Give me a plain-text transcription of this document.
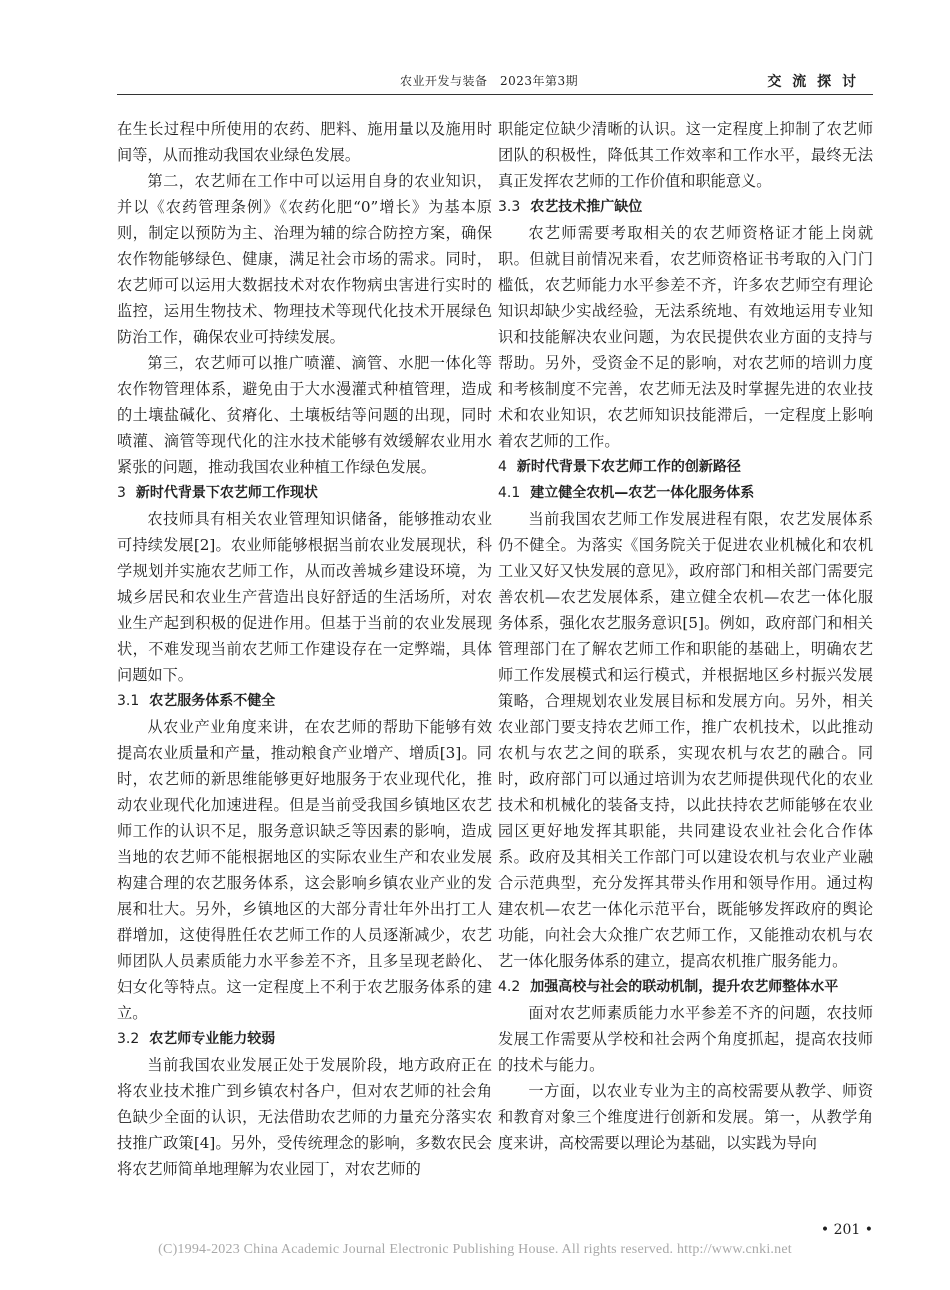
农业开发与装备　2023年第3期	交 流 探 讨

在生长过程中所使用的农药、肥料、施用量以及施用时间等，从而推动我国农业绿色发展。

第二，农艺师在工作中可以运用自身的农业知识，并以《农药管理条例》《农药化肥“0”增长》为基本原则，制定以预防为主、治理为辅的综合防控方案，确保农作物能够绿色、健康，满足社会市场的需求。同时，农艺师可以运用大数据技术对农作物病虫害进行实时的监控，运用生物技术、物理技术等现代化技术开展绿色防治工作，确保农业可持续发展。

第三，农艺师可以推广喷灌、滴管、水肥一体化等农作物管理体系，避免由于大水漫灌式种植管理，造成的土壤盐碱化、贫瘠化、土壤板结等问题的出现，同时喷灌、滴管等现代化的注水技术能够有效缓解农业用水紧张的问题，推动我国农业种植工作绿色发展。

3 新时代背景下农艺师工作现状

农技师具有相关农业管理知识储备，能够推动农业可持续发展[2]。农业师能够根据当前农业发展现状，科学规划并实施农艺师工作，从而改善城乡建设环境，为城乡居民和农业生产营造出良好舒适的生活场所，对农业生产起到积极的促进作用。但基于当前的农业发展现状，不难发现当前农艺师工作建设存在一定弊端，具体问题如下。

3.1 农艺服务体系不健全

从农业产业角度来讲，在农艺师的帮助下能够有效提高农业质量和产量，推动粮食产业增产、增质[3]。同时，农艺师的新思维能够更好地服务于农业现代化，推动农业现代化加速进程。但是当前受我国乡镇地区农艺师工作的认识不足，服务意识缺乏等因素的影响，造成当地的农艺师不能根据地区的实际农业生产和农业发展构建合理的农艺服务体系，这会影响乡镇农业产业的发展和壮大。另外，乡镇地区的大部分青壮年外出打工人群增加，这使得胜任农艺师工作的人员逐渐减少，农艺师团队人员素质能力水平参差不齐，且多呈现老龄化、妇女化等特点。这一定程度上不利于农艺服务体系的建立。

3.2 农艺师专业能力较弱

当前我国农业发展正处于发展阶段，地方政府正在将农业技术推广到乡镇农村各户，但对农艺师的社会角色缺少全面的认识，无法借助农艺师的力量充分落实农技推广政策[4]。另外，受传统理念的影响，多数农民会将农艺师简单地理解为农业园丁，对农艺师的

职能定位缺少清晰的认识。这一定程度上抑制了农艺师团队的积极性，降低其工作效率和工作水平，最终无法真正发挥农艺师的工作价值和职能意义。

3.3 农艺技术推广缺位

农艺师需要考取相关的农艺师资格证才能上岗就职。但就目前情况来看，农艺师资格证书考取的入门门槛低，农艺师能力水平参差不齐，许多农艺师空有理论知识却缺少实战经验，无法系统地、有效地运用专业知识和技能解决农业问题，为农民提供农业方面的支持与帮助。另外，受资金不足的影响，对农艺师的培训力度和考核制度不完善，农艺师无法及时掌握先进的农业技术和农业知识，农艺师知识技能滞后，一定程度上影响着农艺师的工作。

4 新时代背景下农艺师工作的创新路径
4.1 建立健全农机—农艺一体化服务体系

当前我国农艺师工作发展进程有限，农艺发展体系仍不健全。为落实《国务院关于促进农业机械化和农机工业又好又快发展的意见》，政府部门和相关部门需要完善农机—农艺发展体系，建立健全农机—农艺一体化服务体系，强化农艺服务意识[5]。例如，政府部门和相关管理部门在了解农艺师工作和职能的基础上，明确农艺师工作发展模式和运行模式，并根据地区乡村振兴发展策略，合理规划农业发展目标和发展方向。另外，相关农业部门要支持农艺师工作，推广农机技术，以此推动农机与农艺之间的联系，实现农机与农艺的融合。同时，政府部门可以通过培训为农艺师提供现代化的农业技术和机械化的装备支持，以此扶持农艺师能够在农业园区更好地发挥其职能，共同建设农业社会化合作体系。政府及其相关工作部门可以建设农机与农业产业融合示范典型，充分发挥其带头作用和领导作用。通过构建农机—农艺一体化示范平台，既能够发挥政府的舆论功能，向社会大众推广农艺师工作，又能推动农机与农艺一体化服务体系的建立，提高农机推广服务能力。

4.2 加强高校与社会的联动机制，提升农艺师整体水平

面对农艺师素质能力水平参差不齐的问题，农技师发展工作需要从学校和社会两个角度抓起，提高农技师的技术与能力。

一方面，以农业专业为主的高校需要从教学、师资和教育对象三个维度进行创新和发展。第一，从教学角度来讲，高校需要以理论为基础，以实践为导向

• 201 •
(C)1994-2023 China Academic Journal Electronic Publishing House. All rights reserved. http://www.cnki.net
